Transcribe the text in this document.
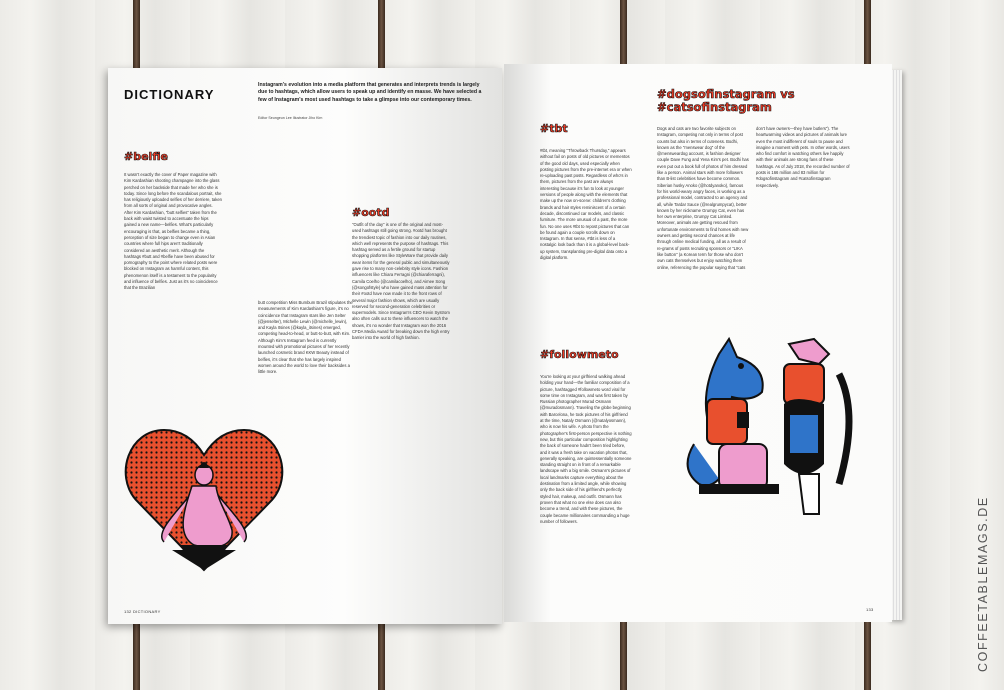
COFFEETABLEMAGS.DE
DICTIONARY
Instagram's evolution into a media platform that generates and interprets trends is largely due to hashtags, which allow users to speak up and identify en masse. We have selected a few of Instagram's most used hashtags to take a glimpse into our contemporary times.
Editor Seungeun Lee Illustrator Jiho Kim
#belfie
It wasn't exactly the cover of Paper magazine with Kim Kardashian shooting champagne into the glass perched on her backside that made her who she is today. Since long before the scandalous portrait, she has religiously uploaded selfies of her derriere, taken from all sorts of original and provocative angles. After Kim Kardashian, "butt selfies" taken from the back with waist twisted to accentuate the hips gained a new name—belfies. What's particularly encouraging is that, as belfies became a thing, perception of size began to change even in Asian countries where full hips aren't traditionally considered an aesthetic merit. Although the hashtags #butt and #belfie have been abused for pornography to the point where related posts were blocked on Instagram as harmful content, this phenomenon itself is a testament to the popularity and influence of belfies. Just as it's no coincidence that the Brazilian
butt competition Miss Bumbum Brazil stipulates the measurements of Kim Kardashian's figure, it's no coincidence that Instagram stars like Jen Selter (@jenselter), Michelle Lewin (@michelle_lewin), and Kayla Itsines (@kayla_itsines) emerged, competing head-to-head, or butt-to-butt, with Kim. Although Kim's Instagram feed is currently mounted with promotional pictures of her recently launched cosmetic brand KKW Beauty instead of belfies, it's clear that she has largely inspired women around the world to love their backsides a little more.
#ootd
"Outfit of the day" is one of the original and most-used hashtags still going strong. #ootd has brought the trendiest topic of fashion into our daily routines, which well represents the purpose of hashtags. This hashtag served as a fertile ground for startup shopping platforms like StyleWare that provide daily wear items for the general public and simultaneously gave rise to many non-celebrity style icons. Fashion influencers like Chiara Ferragni (@chiaraferragni), Camila Coelho (@camilacoelho), and Aimee Song (@songofstyle) who have gained mass attention for their #ootd have now made it to the front rows of several major fashion shows, which are usually reserved for second-generation celebrities or supermodels. Since Instagram's CEO Kevin Systrom also often calls out to these influencers to watch the shows, it's no wonder that Instagram won the 2016 CFDA Media Award for breaking down the high entry barrier into the world of high fashion.
132 DICTIONARY
#tbt
#tbt, meaning "Throwback Thursday," appears without fail on posts of old pictures or mementos of the good old days, used especially when posting pictures from the pre-internet era or when re-uploading past posts. Regardless of who's in them, pictures from the past are always interesting because it's fun to look at younger versions of people along with the elements that make up the now on-scene: children's clothing brands and hair styles reminiscent of a certain decade, discontinued car models, and classic furniture. The more unusual of a past, the more fun. No one uses #tbt to repost pictures that can be found again a couple scrolls down on Instagram. In that sense, #tbt is less of a nostalgic look back than it is a global-level back-up system, transplanting pre-digital data onto a digital platform.
#followmeto
You're looking at your girlfriend walking ahead holding your hand—the familiar composition of a picture, hashtagged #followmeto word viral for some time on Instagram, and was first taken by Russian photographer Murad Osmann (@muradosmann). Traveling the globe beginning with Barcelona, he took pictures of his girlfriend at the time, Nataly Osmann (@natalyosmann), who is now his wife. A photo from the photographer's first-person perspective is nothing new, but this particular composition highlighting the back of someone hadn't been tried before, and it was a fresh take on vacation photos that, generally speaking, are quintessentially someone standing straight on in front of a remarkable landscape with a big smile. Osmann's pictures of local landmarks capture everything about the destination from a limited angle, while showing only the back side of his girlfriend's perfectly styled hair, makeup, and outfit. Osmann has proven that what no one else does can also become a trend, and with these pictures, the couple became millionaires commanding a huge number of followers.
#dogsofinstagram vs #catsofinstagram
Dogs and cats are two favorite subjects on Instagram, competing not only in terms of post counts but also in terms of cuteness. Bodhi, known as the "menswear dog" of the @mensweardog account, is fashion designer couple Dave Fung and Yena Kim's pet. Bodhi has even put out a book full of photos of him dressed like a person. Animal stars with more followers than B-list celebrities have become common. Siberian husky Anoko (@hotdyanoko), famous for his world-weary angry faces, is working as a professional model, contracted to an agency and all, while Tardar Sauce (@realgrumpycat), better known by her nickname Grumpy Cat, even has her own enterprise, Grumpy Cat Limited. Moreover, animals are getting rescued from unfortunate environments to find homes with new owners and getting second chances at life through online medical funding, all as a result of re-grams of posts recruiting sponsors or "LIKA like button" (a Korean term for those who don't own cats themselves but enjoy watching them online, referencing the popular saying that "cats
don't have owners—they have butlers"). The heartwarming videos and pictures of animals lure even the most indifferent of souls to pause and imagine a moment with pets. In other words, users who find comfort in watching others live happily with their animals are strong fans of these hashtags. As of July 2018, the recorded number of posts is 166 million and 83 million for #dogsofinstagram and #catsofinstagram respectively.
133
